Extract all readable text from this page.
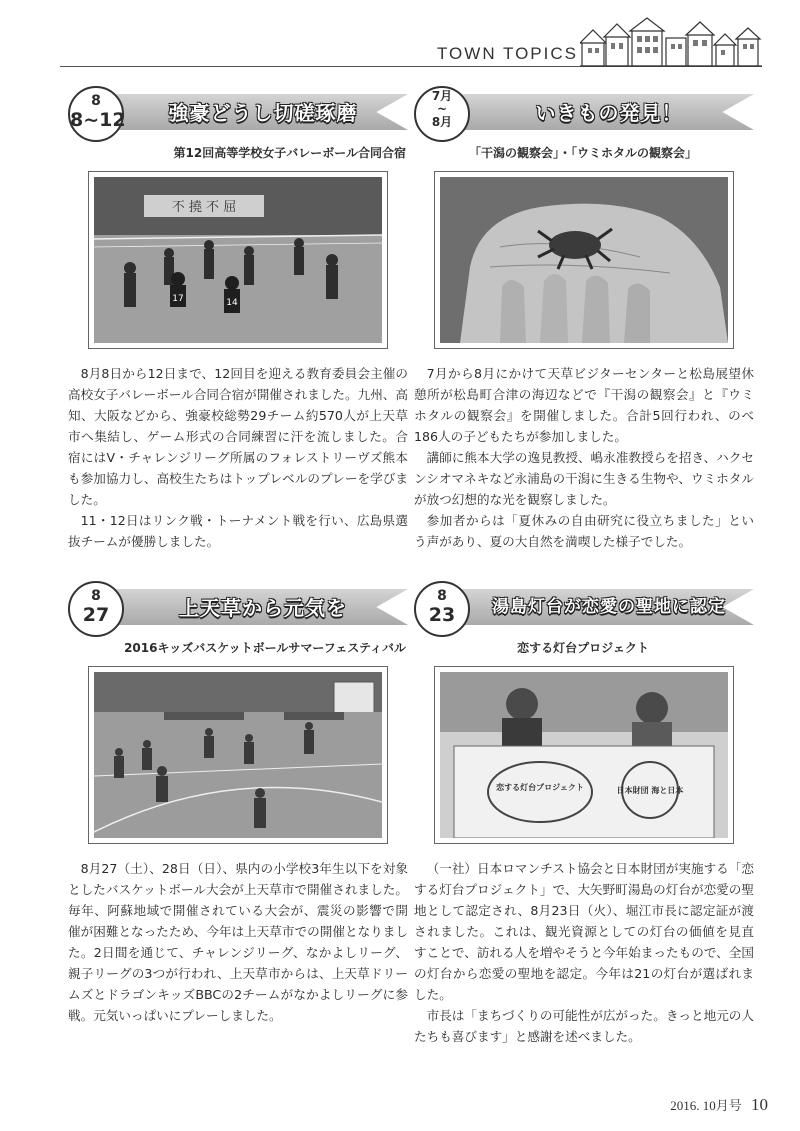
TOWN TOPICS
8
8~12	強豪どうし切磋琢磨
第12回高等学校女子バレーボール合同合宿
不 撓 不 屈
17	14

8月8日から12日まで、12回目を迎える教育委員会主催の高校女子バレーボール合同合宿が開催されました。九州、高知、大阪などから、強豪校総勢29チーム約570人が上天草市へ集結し、ゲーム形式の合同練習に汗を流しました。合宿にはV・チャレンジリーグ所属のフォレストリーヴズ熊本も参加協力し、高校生たちはトップレベルのプレーを学びました。

11・12日はリンク戦・トーナメント戦を行い、広島県選抜チームが優勝しました。

7月
~
8月	いきもの発見！
「干潟の観察会」・「ウミホタルの観察会」

7月から8月にかけて天草ビジターセンターと松島展望休憩所が松島町合津の海辺などで『干潟の観察会』と『ウミホタルの観察会』を開催しました。合計5回行われ、のべ186人の子どもたちが参加しました。

講師に熊本大学の逸見教授、嶋永准教授らを招き、ハクセンシオマネキなど永浦島の干潟に生きる生物や、ウミホタルが放つ幻想的な光を観察しました。

参加者からは「夏休みの自由研究に役立ちました」という声があり、夏の大自然を満喫した様子でした。

8
27	上天草から元気を
2016キッズバスケットボールサマーフェスティバル

8月27（土）、28日（日）、県内の小学校3年生以下を対象としたバスケットボール大会が上天草市で開催されました。毎年、阿蘇地域で開催されている大会が、震災の影響で開催が困難となったため、今年は上天草市での開催となりました。2日間を通じて、チャレンジリーグ、なかよしリーグ、親子リーグの3つが行われ、上天草市からは、上天草ドリームズとドラゴンキッズBBCの2チームがなかよしリーグに参戦。元気いっぱいにプレーしました。

8
23	湯島灯台が恋愛の聖地に認定
恋する灯台プロジェクト
恋する灯台プロジェクト	日本財団 海と日本

（一社）日本ロマンチスト協会と日本財団が実施する「恋する灯台プロジェクト」で、大矢野町湯島の灯台が恋愛の聖地として認定され、8月23日（火）、堀江市長に認定証が渡されました。これは、観光資源としての灯台の価値を見直すことで、訪れる人を増やそうと今年始まったもので、全国の灯台から恋愛の聖地を認定。今年は21の灯台が選ばれました。

市長は「まちづくりの可能性が広がった。きっと地元の人たちも喜びます」と感謝を述べました。

2016. 10月号 10
